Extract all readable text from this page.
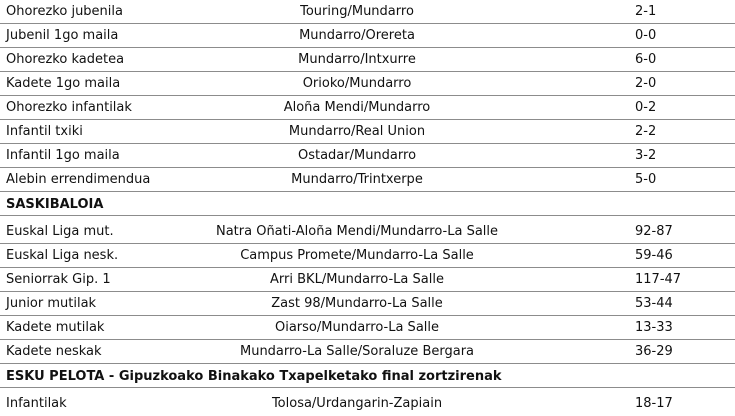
Ohorezko jubenila	Touring/Mundarro	2-1
Jubenil 1go maila	Mundarro/Orereta	0-0
Ohorezko kadetea	Mundarro/Intxurre	6-0
Kadete 1go maila	Orioko/Mundarro	2-0
Ohorezko infantilak	Aloña Mendi/Mundarro	0-2
Infantil txiki	Mundarro/Real Union	2-2
Infantil 1go maila	Ostadar/Mundarro	3-2
Alebin errendimendua	Mundarro/Trintxerpe	5-0
SASKIBALOIA
Euskal Liga mut.	Natra Oñati-Aloña Mendi/Mundarro-La Salle	92-87
Euskal Liga nesk.	Campus Promete/Mundarro-La Salle	59-46
Seniorrak Gip. 1	Arri BKL/Mundarro-La Salle	117-47
Junior mutilak	Zast 98/Mundarro-La Salle	53-44
Kadete mutilak	Oiarso/Mundarro-La Salle	13-33
Kadete neskak	Mundarro-La Salle/Soraluze Bergara	36-29
ESKU PELOTA - Gipuzkoako Binakako Txapelketako final zortzirenak
Infantilak	Tolosa/Urdangarin-Zapiain	18-17
